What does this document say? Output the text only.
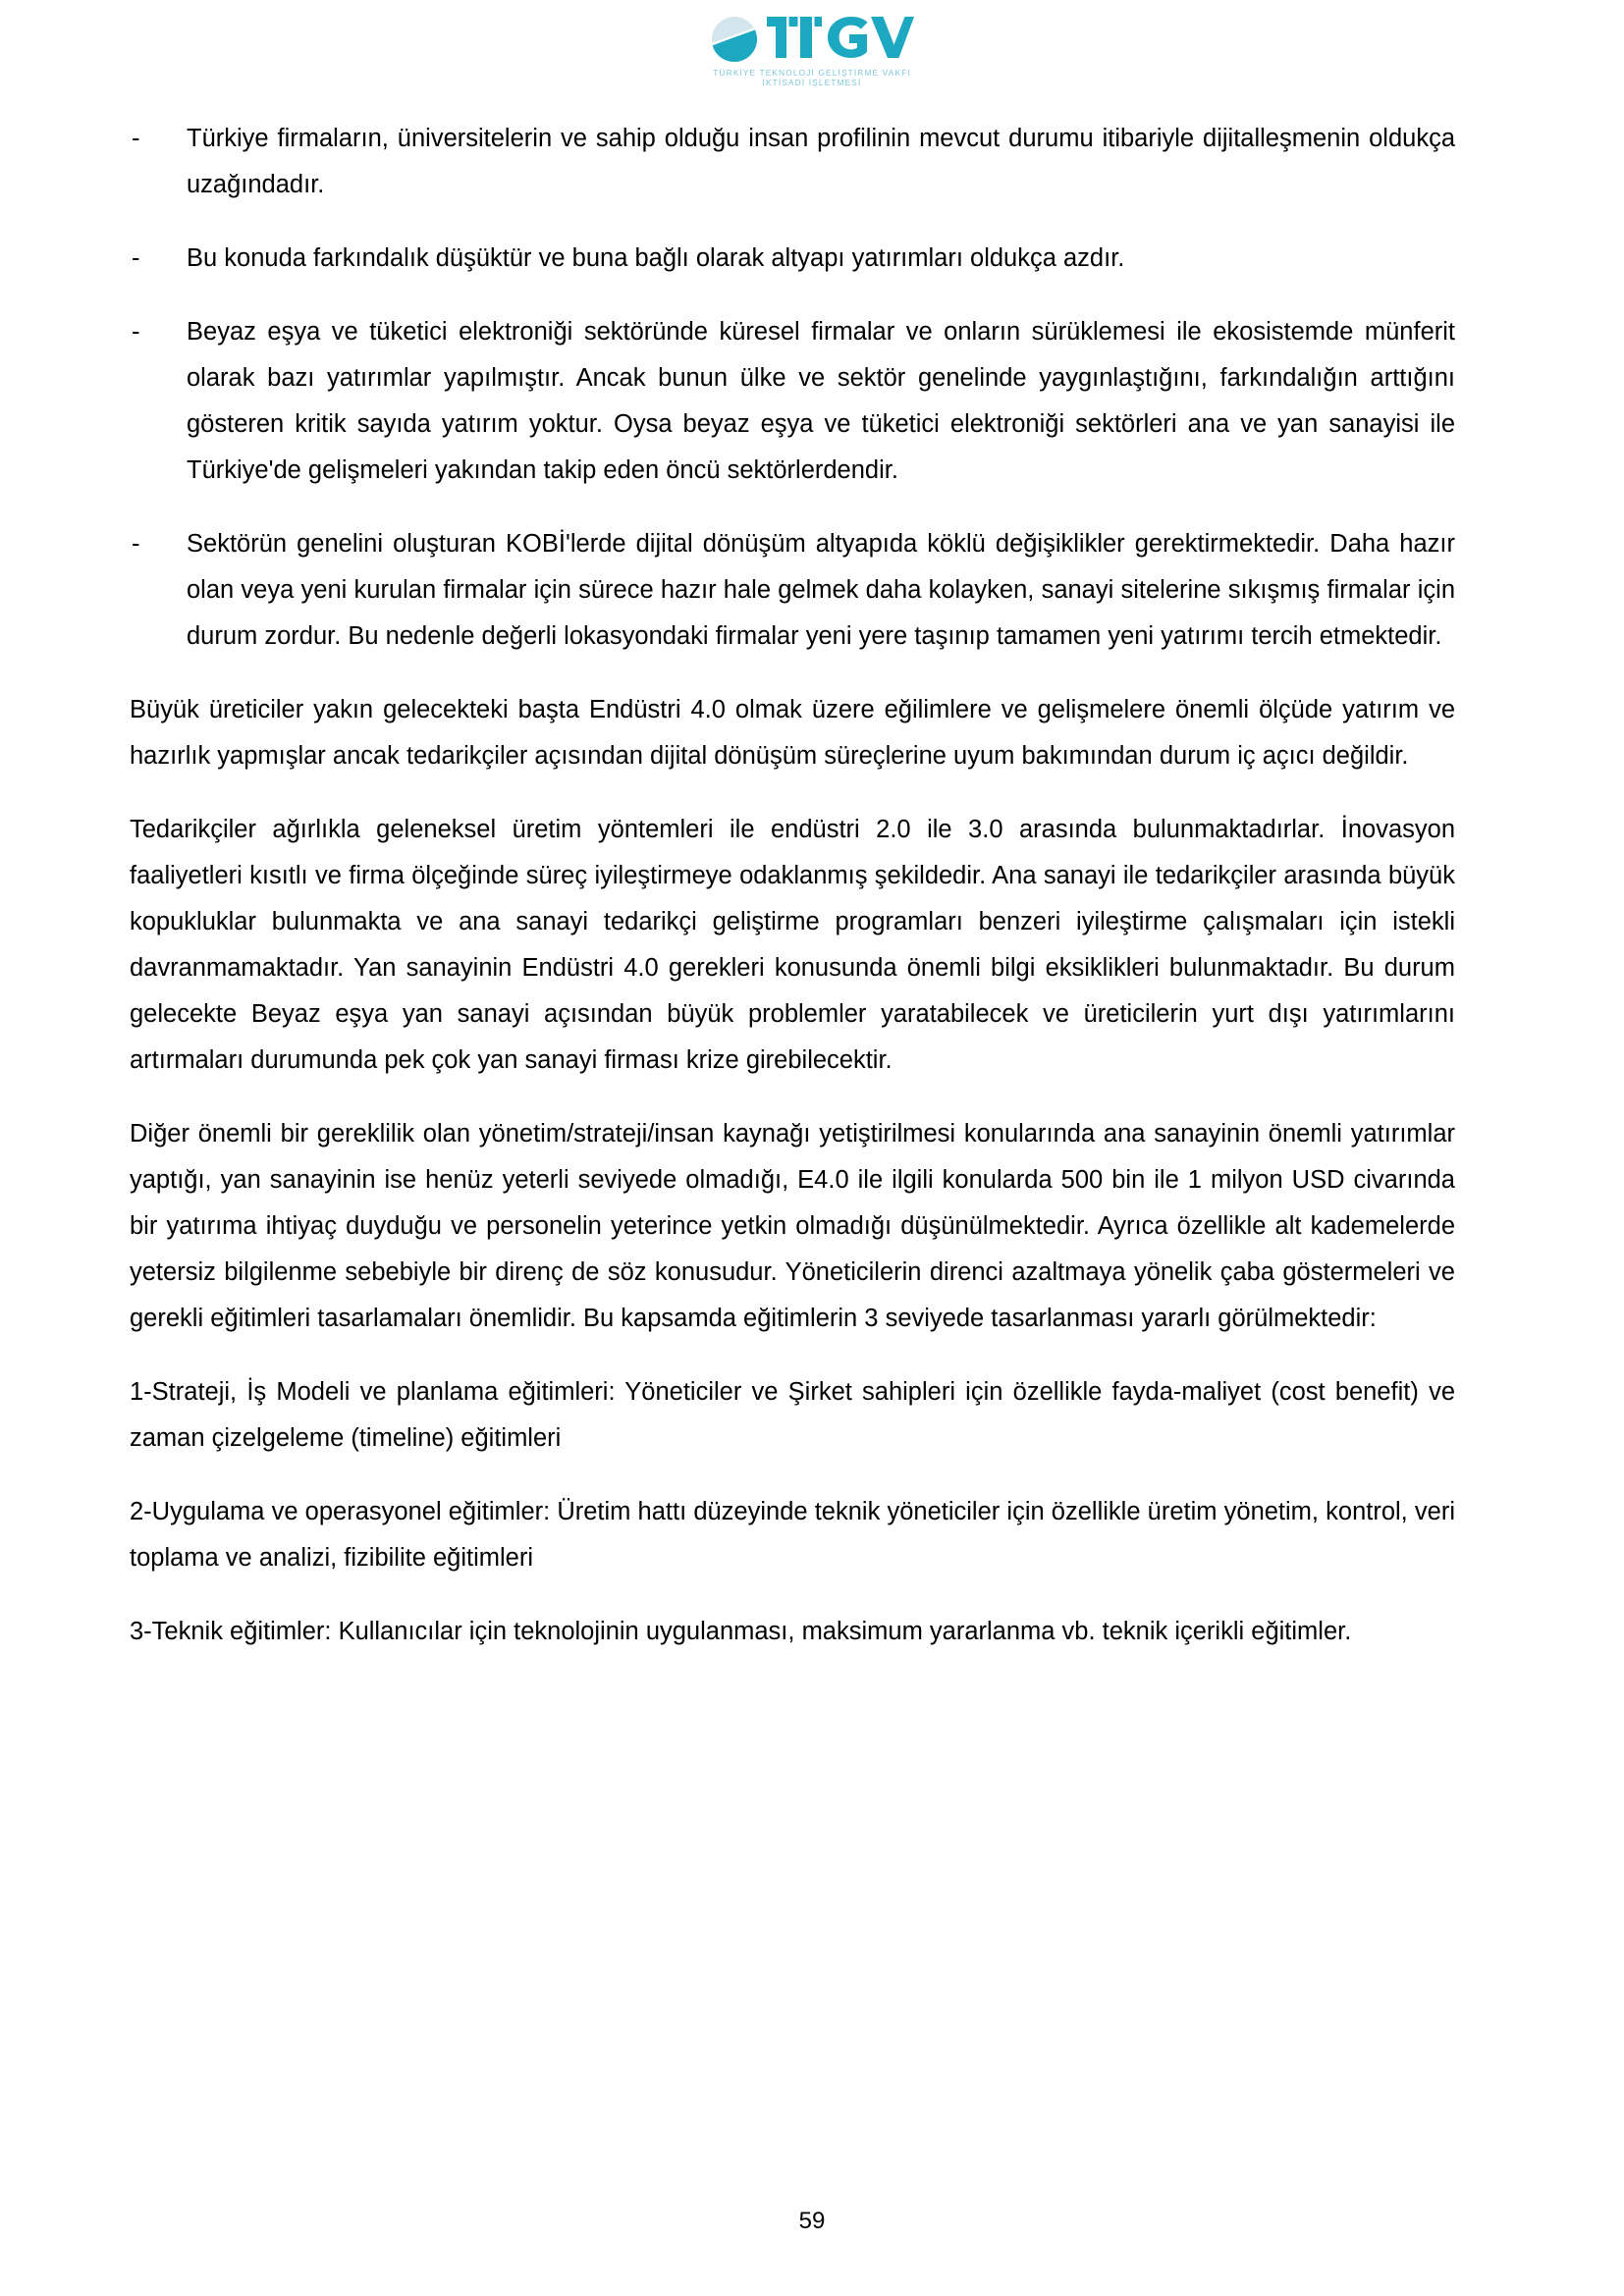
TÜRKİYE TEKNOLOJİ GELİŞTİRME VAKFI
İKTİSADİ İŞLETMESİ
- Türkiye firmaların, üniversitelerin ve sahip olduğu insan profilinin mevcut durumu itibariyle dijitalleşmenin oldukça uzağındadır.
- Bu konuda farkındalık düşüktür ve buna bağlı olarak altyapı yatırımları oldukça azdır.
- Beyaz eşya ve tüketici elektroniği sektöründe küresel firmalar ve onların sürüklemesi ile ekosistemde münferit olarak bazı yatırımlar yapılmıştır. Ancak bunun ülke ve sektör genelinde yaygınlaştığını, farkındalığın arttığını gösteren kritik sayıda yatırım yoktur. Oysa beyaz eşya ve tüketici elektroniği sektörleri ana ve yan sanayisi ile Türkiye'de gelişmeleri yakından takip eden öncü sektörlerdendir.
- Sektörün genelini oluşturan KOBİ'lerde dijital dönüşüm altyapıda köklü değişiklikler gerektirmektedir. Daha hazır olan veya yeni kurulan firmalar için sürece hazır hale gelmek daha kolayken, sanayi sitelerine sıkışmış firmalar için durum zordur. Bu nedenle değerli lokasyondaki firmalar yeni yere taşınıp tamamen yeni yatırımı tercih etmektedir.

Büyük üreticiler yakın gelecekteki başta Endüstri 4.0 olmak üzere eğilimlere ve gelişmelere önemli ölçüde yatırım ve hazırlık yapmışlar ancak tedarikçiler açısından dijital dönüşüm süreçlerine uyum bakımından durum iç açıcı değildir.

Tedarikçiler ağırlıkla geleneksel üretim yöntemleri ile endüstri 2.0 ile 3.0 arasında bulunmaktadırlar. İnovasyon faaliyetleri kısıtlı ve firma ölçeğinde süreç iyileştirmeye odaklanmış şekildedir. Ana sanayi ile tedarikçiler arasında büyük kopukluklar bulunmakta ve ana sanayi tedarikçi geliştirme programları benzeri iyileştirme çalışmaları için istekli davranmamaktadır. Yan sanayinin Endüstri 4.0 gerekleri konusunda önemli bilgi eksiklikleri bulunmaktadır. Bu durum gelecekte Beyaz eşya yan sanayi açısından büyük problemler yaratabilecek ve üreticilerin yurt dışı yatırımlarını artırmaları durumunda pek çok yan sanayi firması krize girebilecektir.

Diğer önemli bir gereklilik olan yönetim/strateji/insan kaynağı yetiştirilmesi konularında ana sanayinin önemli yatırımlar yaptığı, yan sanayinin ise henüz yeterli seviyede olmadığı, E4.0 ile ilgili konularda 500 bin ile 1 milyon USD civarında bir yatırıma ihtiyaç duyduğu ve personelin yeterince yetkin olmadığı düşünülmektedir. Ayrıca özellikle alt kademelerde yetersiz bilgilenme sebebiyle bir direnç de söz konusudur. Yöneticilerin direnci azaltmaya yönelik çaba göstermeleri ve gerekli eğitimleri tasarlamaları önemlidir. Bu kapsamda eğitimlerin 3 seviyede tasarlanması yararlı görülmektedir:

1-Strateji, İş Modeli ve planlama eğitimleri: Yöneticiler ve Şirket sahipleri için özellikle fayda-maliyet (cost benefit) ve zaman çizelgeleme (timeline) eğitimleri

2-Uygulama ve operasyonel eğitimler: Üretim hattı düzeyinde teknik yöneticiler için özellikle üretim yönetim, kontrol, veri toplama ve analizi, fizibilite eğitimleri

3-Teknik eğitimler: Kullanıcılar için teknolojinin uygulanması, maksimum yararlanma vb. teknik içerikli eğitimler.

59
